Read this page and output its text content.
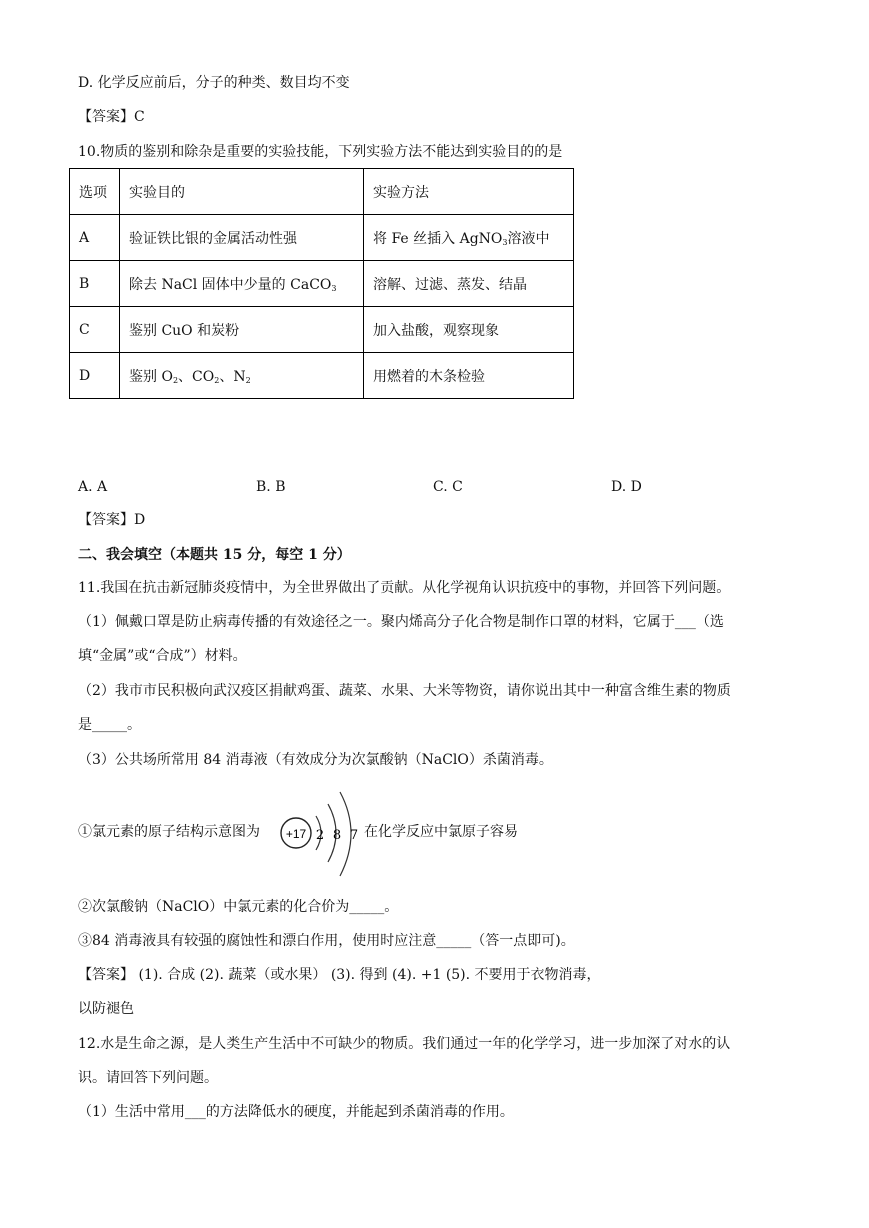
D. 化学反应前后，分子的种类、数目均不变
【答案】C
10.物质的鉴别和除杂是重要的实验技能，下列实验方法不能达到实验目的的是
选项	实验目的	实验方法
A	验证铁比银的金属活动性强	将 Fe 丝插入 AgNO$_3$溶液中
B	除去 NaCl 固体中少量的 CaCO$_3$	溶解、过滤、蒸发、结晶
C	鉴别 CuO 和炭粉	加入盐酸，观察现象
D	鉴别 $O_2$、$CO_2$、$N_2$	用燃着的木条检验
A. A	B. B	C. C	D. D
【答案】D
二、我会填空（本题共 15 分，每空 1 分）
11.我国在抗击新冠肺炎疫情中，为全世界做出了贡献。从化学视角认识抗疫中的事物，并回答下列问题。
（1）佩戴口罩是防止病毒传播的有效途径之一。聚内烯高分子化合物是制作口罩的材料，它属于___（选
填“金属”或“合成”）材料。
（2）我市市民积极向武汉疫区捐献鸡蛋、蔬菜、水果、大米等物资，请你说出其中一种富含维生素的物质
是_____。
（3）公共场所常用 84 消毒液（有效成分为次氯酸钠（NaClO）杀菌消毒。
①氯元素的原子结构示意图为 +17 2 8 7 在化学反应中氯原子容易
②次氯酸钠（NaClO）中氯元素的化合价为_____。
③84 消毒液具有较强的腐蚀性和漂白作用，使用时应注意_____（答一点即可)。
【答案】 (1). 合成 (2). 蔬菜（或水果） (3). 得到 (4). +1 (5). 不要用于衣物消毒，
以防褪色
12.水是生命之源，是人类生产生活中不可缺少的物质。我们通过一年的化学学习，进一步加深了对水的认
识。请回答下列问题。
（1）生活中常用___的方法降低水的硬度，并能起到杀菌消毒的作用。
